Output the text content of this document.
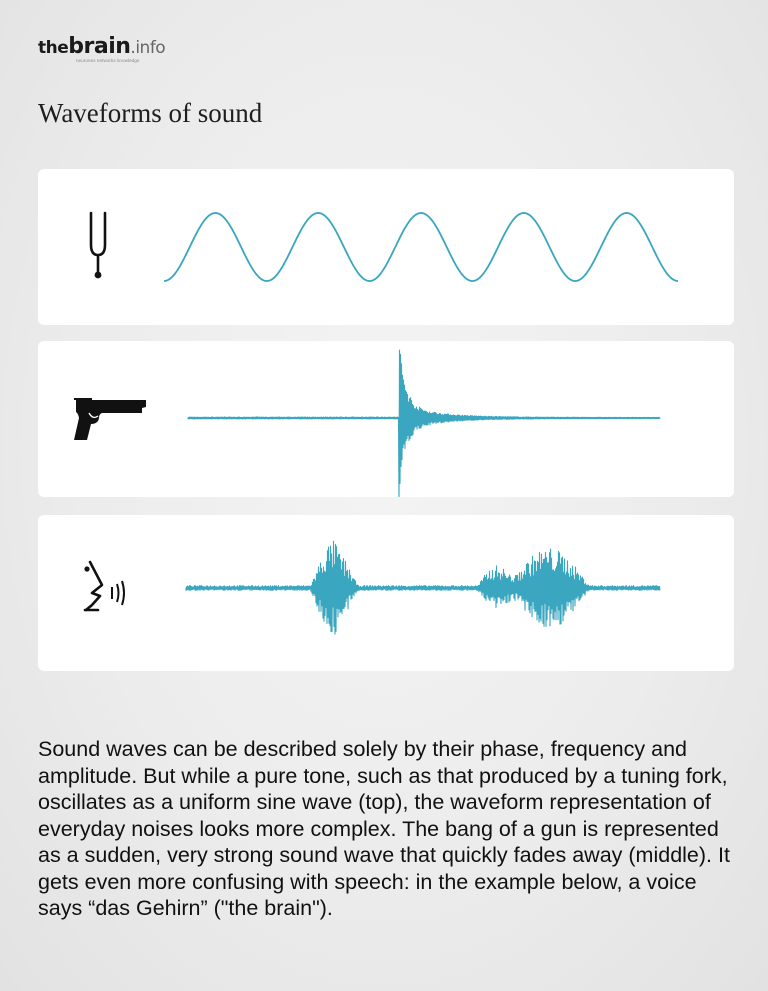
thebrain.info
neurones networks knowledge
Waveforms of sound

Sound waves can be described solely by their phase, frequency and amplitude. But while a pure tone, such as that produced by a tuning fork, oscillates as a uniform sine wave (top), the waveform representation of everyday noises looks more complex. The bang of a gun is represented as a sudden, very strong sound wave that quickly fades away (middle). It gets even more confusing with speech: in the example below, a voice says “das Gehirn” ("the brain").
